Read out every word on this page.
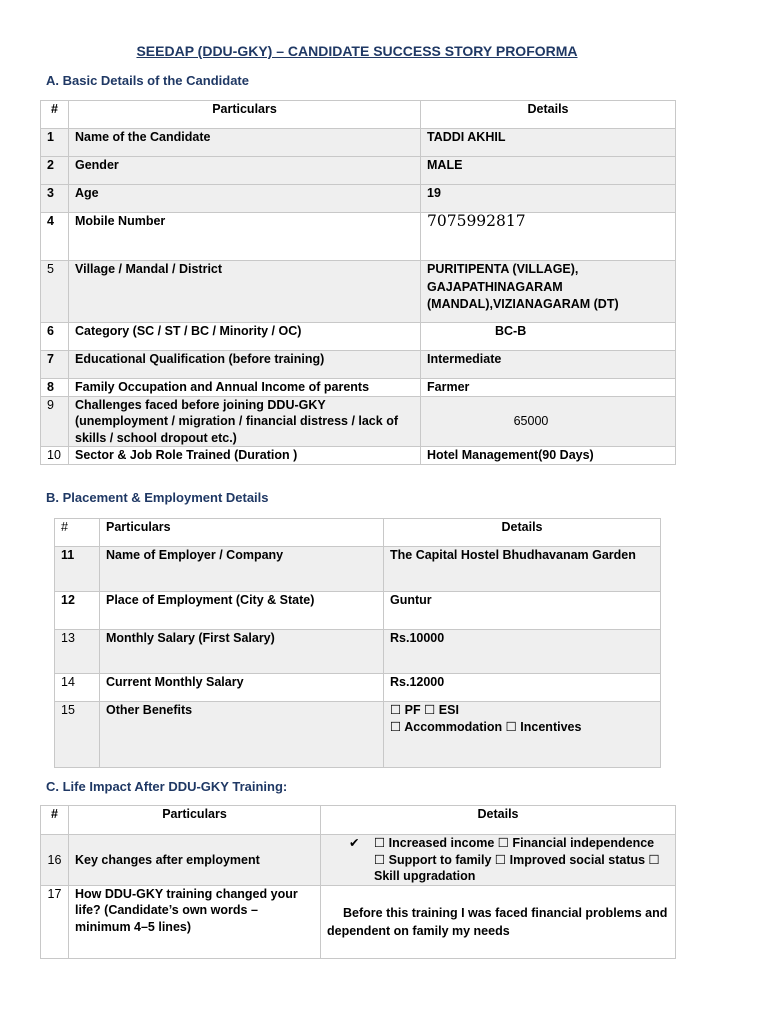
SEEDAP (DDU-GKY) – CANDIDATE SUCCESS STORY PROFORMA
A. Basic Details of the Candidate
#	Particulars	Details

1	Name of the Candidate	TADDI AKHIL

2	Gender	MALE

3	Age	19

4	Mobile Number	7075992817

5	Village / Mandal / District	PURITIPENTA (VILLAGE), GAJAPATHINAGARAM (MANDAL),VIZIANAGARAM (DT)

6	Category (SC / ST / BC / Minority / OC)	BC-B

7	Educational Qualification (before training)	Intermediate

8	Family Occupation and Annual Income of parents	Farmer

9	Challenges faced before joining DDU-GKY (unemployment / migration / financial distress / lack of skills / school dropout etc.)	65000

10	Sector & Job Role Trained (Duration )	Hotel Management(90 Days)
B. Placement & Employment Details
#	Particulars	Details

11	Name of Employer / Company	The Capital Hostel Bhudhavanam Garden

12	Place of Employment (City & State)	Guntur

13	Monthly Salary (First Salary)	Rs.10000

14	Current Monthly Salary	Rs.12000

15	Other Benefits	☐ PF ☐ ESI
☐ Accommodation ☐ Incentives
C. Life Impact After DDU-GKY Training:
#	Particulars	Details
16	Key changes after employment	✔ ☐ Increased income ☐ Financial independence ☐ Support to family ☐ Improved social status ☐ Skill upgradation

17	How DDU-GKY training changed your life? (Candidate’s own words – minimum 4–5 lines)	Before this training I was faced financial problems and dependent on family my needs
